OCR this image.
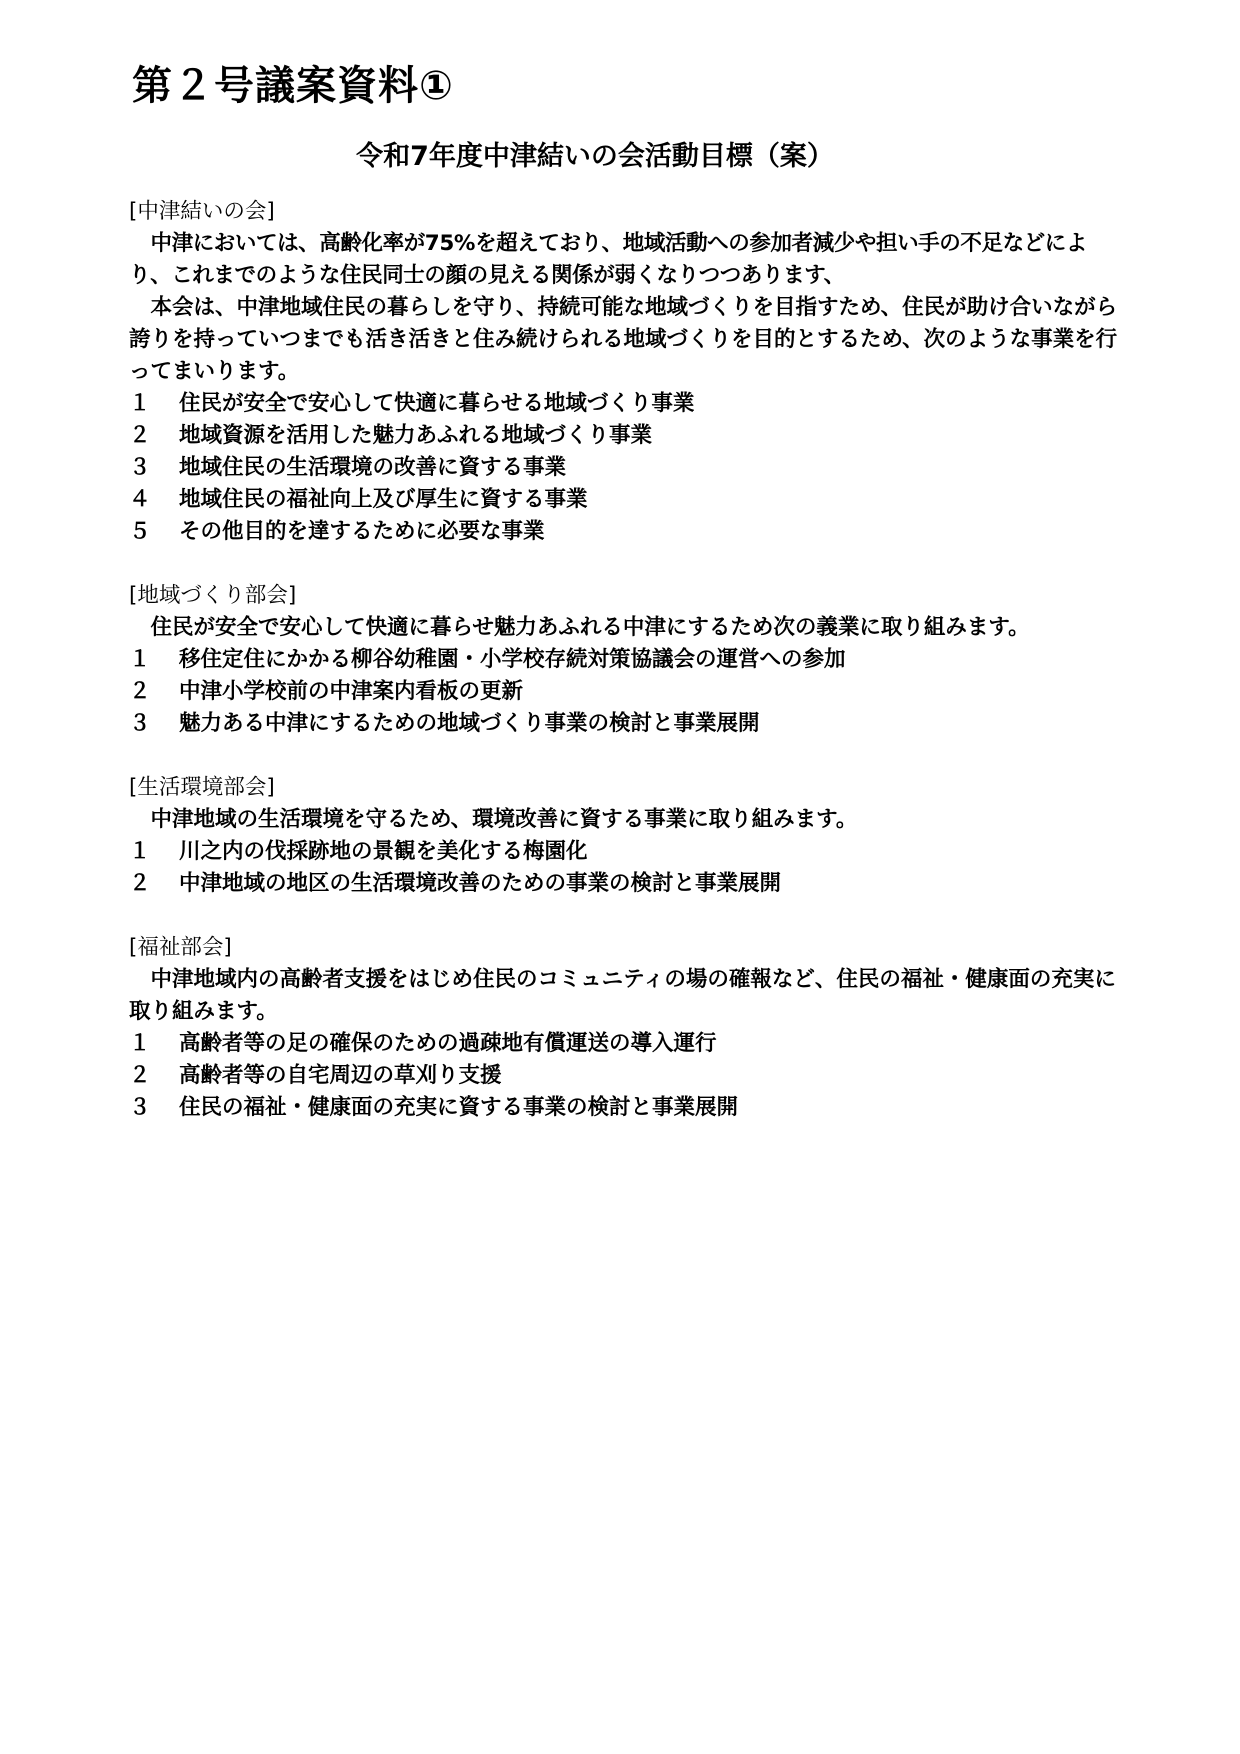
第２号議案資料①
令和7年度中津結いの会活動目標（案）
[中津結いの会]

中津においては、高齢化率が75%を超えており、地域活動への参加者減少や担い手の不足などにより、これまでのような住民同士の顔の見える関係が弱くなりつつあります、

本会は、中津地域住民の暮らしを守り、持続可能な地域づくりを目指すため、住民が助け合いながら誇りを持っていつまでも活き活きと住み続けられる地域づくりを目的とするため、次のような事業を行ってまいります。

１	住民が安全で安心して快適に暮らせる地域づくり事業
２	地域資源を活用した魅力あふれる地域づくり事業
３	地域住民の生活環境の改善に資する事業
４	地域住民の福祉向上及び厚生に資する事業
５	その他目的を達するために必要な事業
[地域づくり部会]

住民が安全で安心して快適に暮らせ魅力あふれる中津にするため次の義業に取り組みます。

１	移住定住にかかる柳谷幼稚園・小学校存続対策協議会の運営への参加
２	中津小学校前の中津案内看板の更新
３	魅力ある中津にするための地域づくり事業の検討と事業展開
[生活環境部会]

中津地域の生活環境を守るため、環境改善に資する事業に取り組みます。

１	川之内の伐採跡地の景観を美化する梅園化
２	中津地域の地区の生活環境改善のための事業の検討と事業展開
[福祉部会]

中津地域内の高齢者支援をはじめ住民のコミュニティの場の確報など、住民の福祉・健康面の充実に取り組みます。

１	高齢者等の足の確保のための過疎地有償運送の導入運行
２	高齢者等の自宅周辺の草刈り支援
３	住民の福祉・健康面の充実に資する事業の検討と事業展開
